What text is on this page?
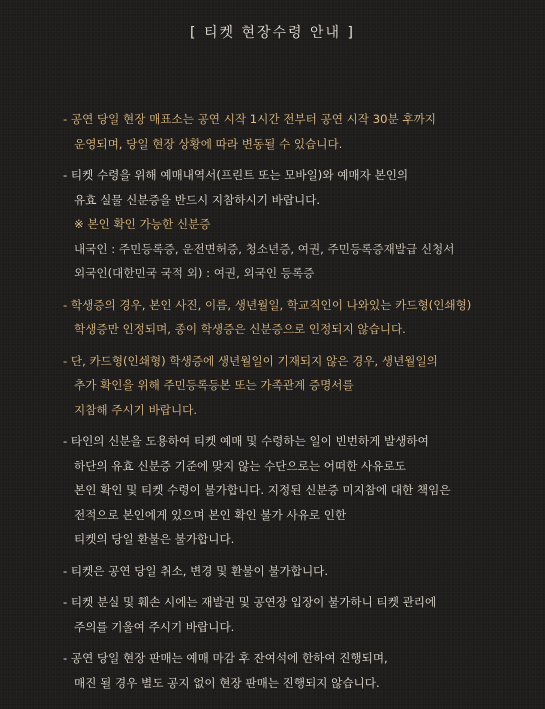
[ 티켓 현장수령 안내 ]
- 공연 당일 현장 매표소는 공연 시작 1시간 전부터 공연 시작 30분 후까지
운영되며, 당일 현장 상황에 따라 변동될 수 있습니다.
- 티켓 수령을 위해 예매내역서(프린트 또는 모바일)와 예매자 본인의
유효 실물 신분증을 반드시 지참하시기 바랍니다.
※ 본인 확인 가능한 신분증
내국인 : 주민등록증, 운전면허증, 청소년증, 여권, 주민등록증재발급 신청서
외국인(대한민국 국적 외) : 여권, 외국인 등록증
- 학생증의 경우, 본인 사진, 이름, 생년월일, 학교직인이 나와있는 카드형(인쇄형)
학생증만 인정되며, 종이 학생증은 신분증으로 인정되지 않습니다.
- 단, 카드형(인쇄형) 학생증에 생년월일이 기재되지 않은 경우, 생년월일의
추가 확인을 위해 주민등록등본 또는 가족관계 증명서를
지참해 주시기 바랍니다.
- 타인의 신분을 도용하여 티켓 예매 및 수령하는 일이 빈번하게 발생하여
하단의 유효 신분증 기준에 맞지 않는 수단으로는 어떠한 사유로도
본인 확인 및 티켓 수령이 불가합니다. 지정된 신분증 미지참에 대한 책임은
전적으로 본인에게 있으며 본인 확인 불가 사유로 인한
티켓의 당일 환불은 불가합니다.
- 티켓은 공연 당일 취소, 변경 및 환불이 불가합니다.
- 티켓 분실 및 훼손 시에는 재발권 및 공연장 입장이 불가하니 티켓 관리에
주의를 기울여 주시기 바랍니다.
- 공연 당일 현장 판매는 예매 마감 후 잔여석에 한하여 진행되며,
매진 될 경우 별도 공지 없이 현장 판매는 진행되지 않습니다.
